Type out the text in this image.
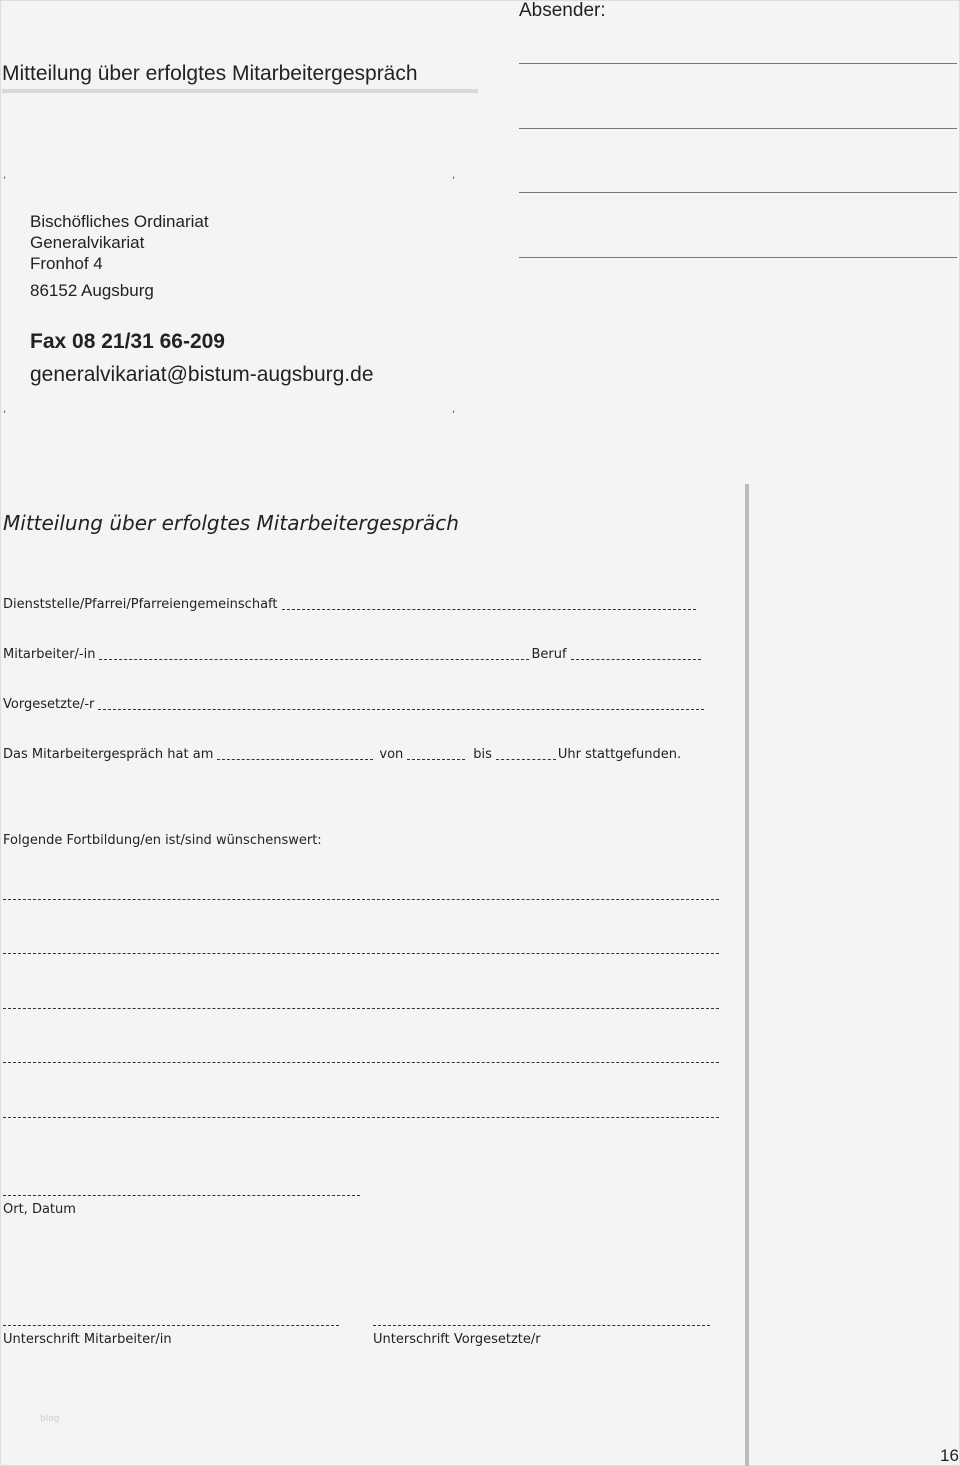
Mitteilung über erfolgtes Mitarbeitergespräch
Absender:
,	,
,	,
Bischöfliches Ordinariat
Generalvikariat
Fronhof 4
86152 Augsburg
Fax 08 21/31 66-209
generalvikariat@bistum-augsburg.de
Mitteilung über erfolgtes Mitarbeitergespräch
Dienststelle/Pfarrei/Pfarreiengemeinschaft
Mitarbeiter/-in	Beruf
Vorgesetzte/-r
Das Mitarbeitergespräch hat am	von	bis	Uhr stattgefunden.
Folgende Fortbildung/en ist/sind wünschenswert:
Ort, Datum
Unterschrift Mitarbeiter/in	Unterschrift Vorgesetzte/r
blog
16
